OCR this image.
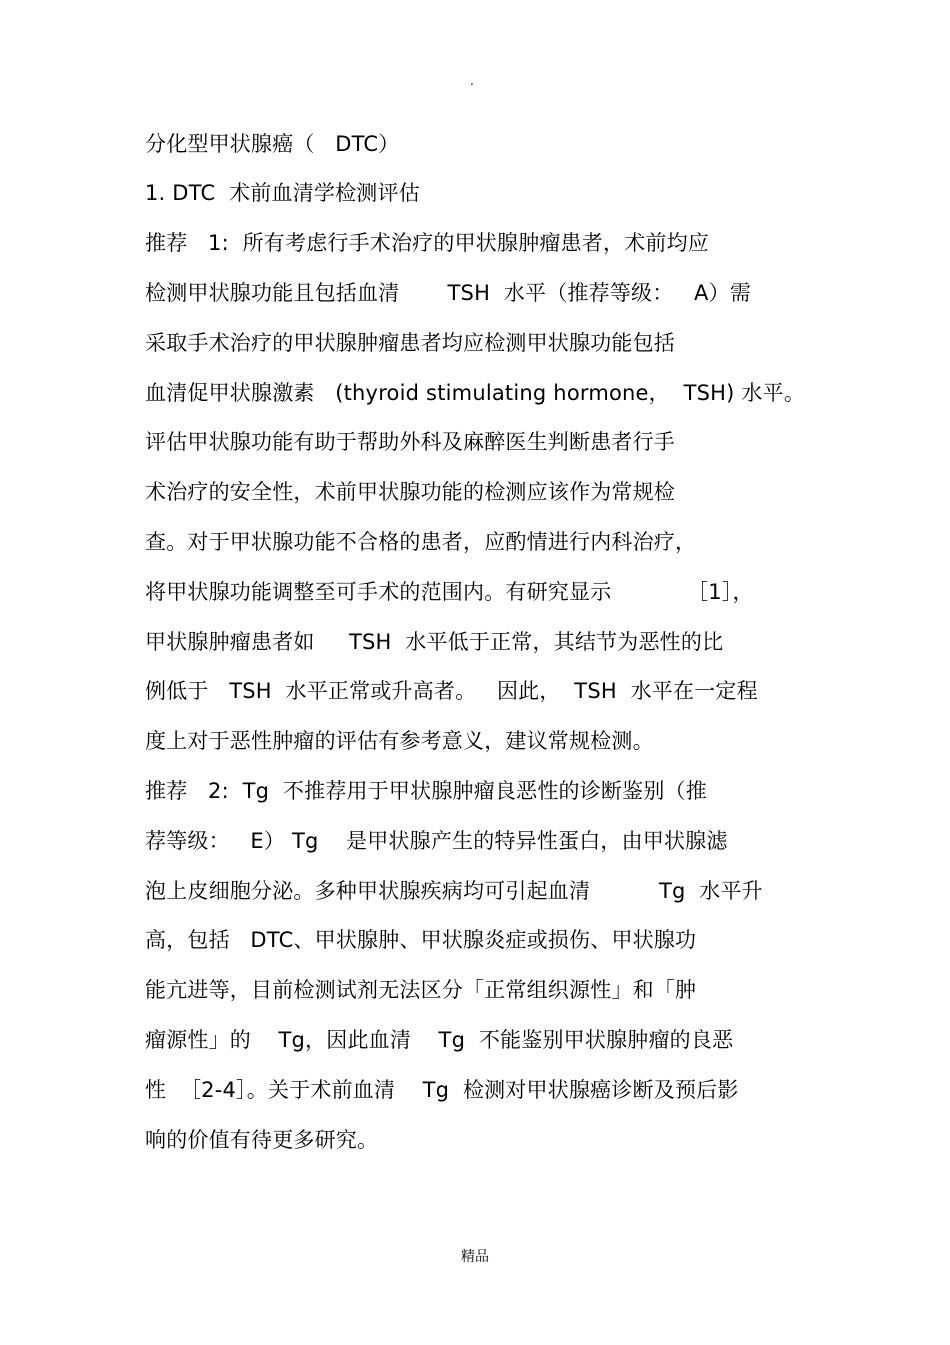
.

分化型甲状腺癌（   DTC）

1. DTC  术前血清学检测评估

推荐   1:  所有考虑行手术治疗的甲状腺肿瘤患者，术前均应

检测甲状腺功能且包括血清       TSH  水平（推荐等级：   A）需

采取手术治疗的甲状腺肿瘤患者均应检测甲状腺功能包括

血清促甲状腺激素   (thyroid stimulating hormone，  TSH) 水平。

评估甲状腺功能有助于帮助外科及麻醉医生判断患者行手

术治疗的安全性，术前甲状腺功能的检测应该作为常规检

查。对于甲状腺功能不合格的患者，应酌情进行内科治疗，

将甲状腺功能调整至可手术的范围内。有研究显示           ［1］，

甲状腺肿瘤患者如     TSH  水平低于正常，其结节为恶性的比

例低于   TSH  水平正常或升高者。   因此，  TSH  水平在一定程

度上对于恶性肿瘤的评估有参考意义，建议常规检测。

推荐   2:  Tg  不推荐用于甲状腺肿瘤良恶性的诊断鉴别（推

荐等级：   E） Tg    是甲状腺产生的特异性蛋白，由甲状腺滤

泡上皮细胞分泌。多种甲状腺疾病均可引起血清          Tg  水平升

高，包括   DTC、甲状腺肿、甲状腺炎症或损伤、甲状腺功

能亢进等，目前检测试剂无法区分「正常组织源性」和「肿

瘤源性」的    Tg，因此血清    Tg  不能鉴别甲状腺肿瘤的良恶

性  ［2-4］。关于术前血清    Tg  检测对甲状腺癌诊断及预后影

响的价值有待更多研究。

精品
